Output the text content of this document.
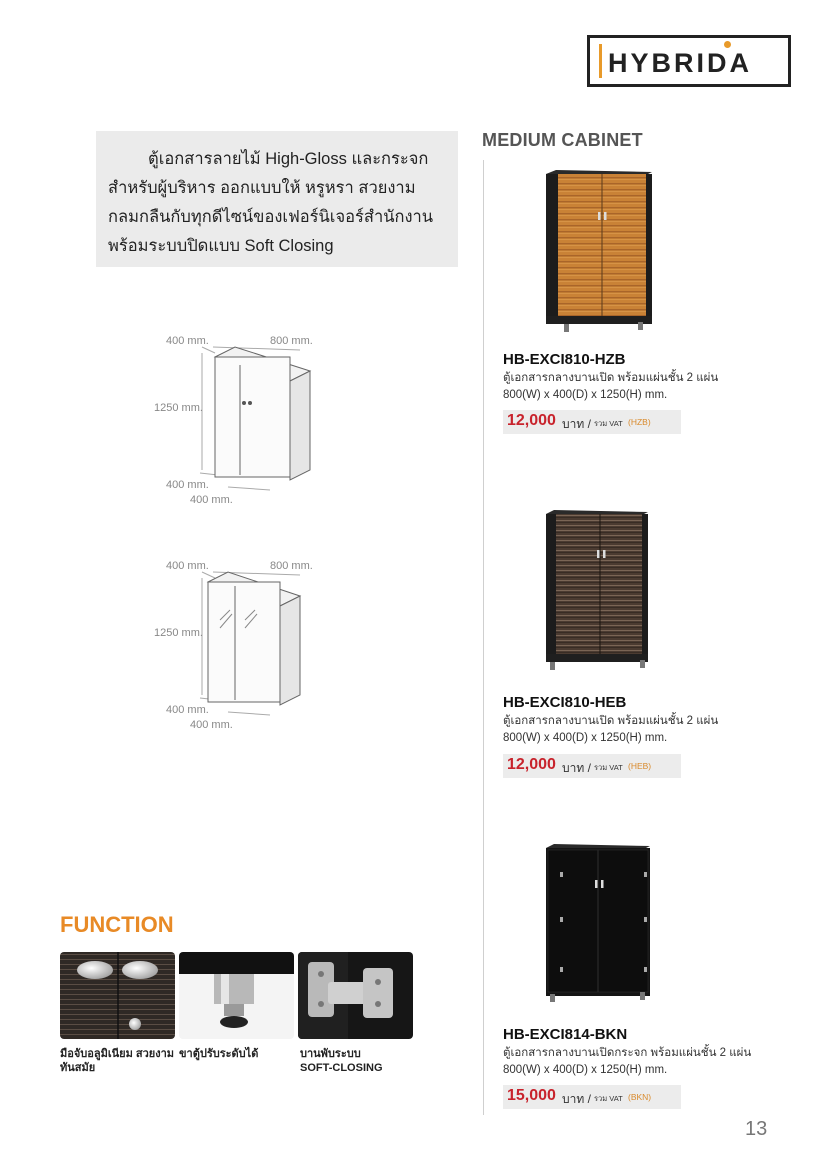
HYBRIDA

ตู้เอกสารลายไม้ High-Gloss และกระจก

สำหรับผู้บริหาร ออกแบบให้ หรูหรา สวยงาม

กลมกลืนกับทุกดีไซน์ของเฟอร์นิเจอร์สำนักงาน

พร้อมระบบปิดแบบ Soft Closing

MEDIUM CABINET
400 mm.	800 mm.
1250 mm.
400 mm.
400 mm.
400 mm.	800 mm.
1250 mm.
400 mm.
400 mm.
HB-EXCI810-HZB
ตู้เอกสารกลางบานเปิด พร้อมแผ่นชั้น 2 แผ่น
800(W) x 400(D) x 1250(H) mm.
12,000 บาท / รวม VAT (HZB)
HB-EXCI810-HEB
ตู้เอกสารกลางบานเปิด พร้อมแผ่นชั้น 2 แผ่น
800(W) x 400(D) x 1250(H) mm.
12,000 บาท / รวม VAT (HEB)
HB-EXCI814-BKN
ตู้เอกสารกลางบานเปิดกระจก พร้อมแผ่นชั้น 2 แผ่น
800(W) x 400(D) x 1250(H) mm.
15,000 บาท / รวม VAT (BKN)
FUNCTION
มือจับอลูมิเนียม สวยงาม
ทันสมัย
ขาตู้ปรับระดับได้	บานพับระบบ
SOFT-CLOSING
13
